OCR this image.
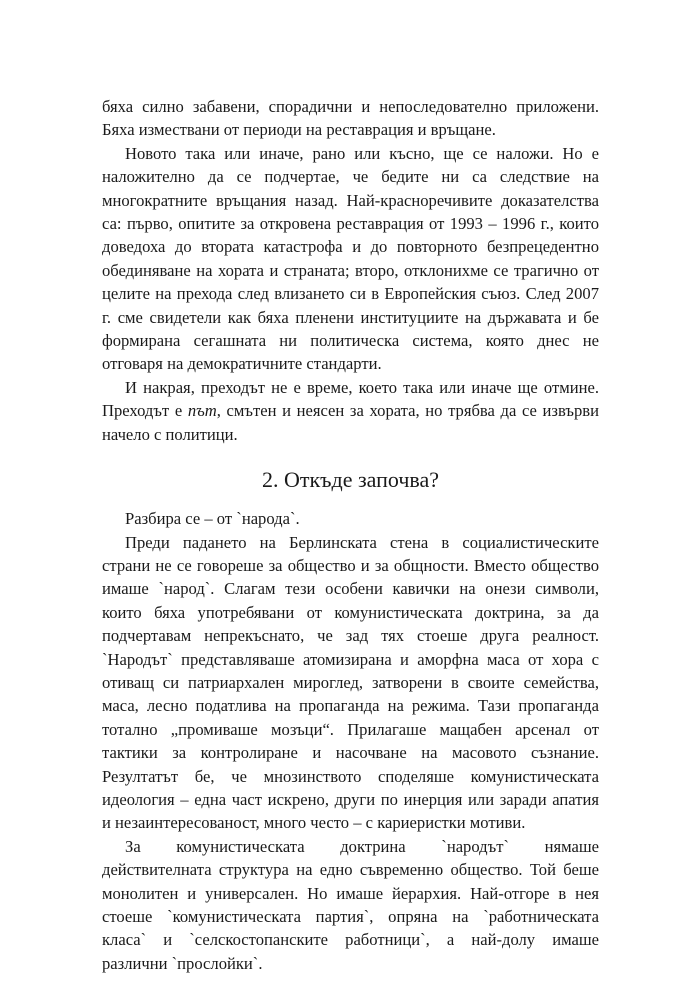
бяха силно забавени, спорадични и непоследователно приложени.
Бяха измествани от периоди на реставрация и връщане.
Новото така или иначе, рано или късно, ще се наложи. Но е
наложително да се подчертае, че бедите ни са следствие на
многократните връщания назад. Най-красноречивите доказателства
са: първо, опитите за откровена реставрация от 1993 – 1996 г., които
доведоха до втората катастрофа и до повторното безпрецедентно
обединяване на хората и страната; второ, отклонихме се трагично от
целите на прехода след влизането си в Европейския съюз. След 2007
г. сме свидетели как бяха пленени институциите на държавата и бе
формирана сегашната ни политическа система, която днес не
отговаря на демократичните стандарти.
И накрая, преходът не е време, което така или иначе ще отмине.
Преходът е път, смътен и неясен за хората, но трябва да се извърви
начело с политици.
2. Откъде започва?
Разбира се – от `народа`.
Преди падането на Берлинската стена в социалистическите
страни не се говореше за общество и за общности. Вместо общество
имаше `народ`. Слагам тези особени кавички на онези символи,
които бяха употребявани от комунистическата доктрина, за да
подчертавам непрекъснато, че зад тях стоеше друга реалност.
`Народът` представляваше атомизирана и аморфна маса от хора с
отиващ си патриархален мироглед, затворени в своите семейства,
маса, лесно податлива на пропаганда на режима. Тази пропаганда
тотално „промиваше мозъци“. Прилагаше мащабен арсенал от
тактики за контролиране и насочване на масовото съзнание.
Резултатът бе, че мнозинството споделяше комунистическата
идеология – една част искрено, други по инерция или заради апатия
и незаинтересованост, много често – с кариеристки мотиви.
За комунистическата доктрина `народът` нямаше
действителната структура на едно съвременно общество. Той беше
монолитен и универсален. Но имаше йерархия. Най-отгоре в нея
стоеше `комунистическата партия`, опряна на `работническата
класа` и `селскостопанските работници`, а най-долу имаше
различни `прослойки`.
